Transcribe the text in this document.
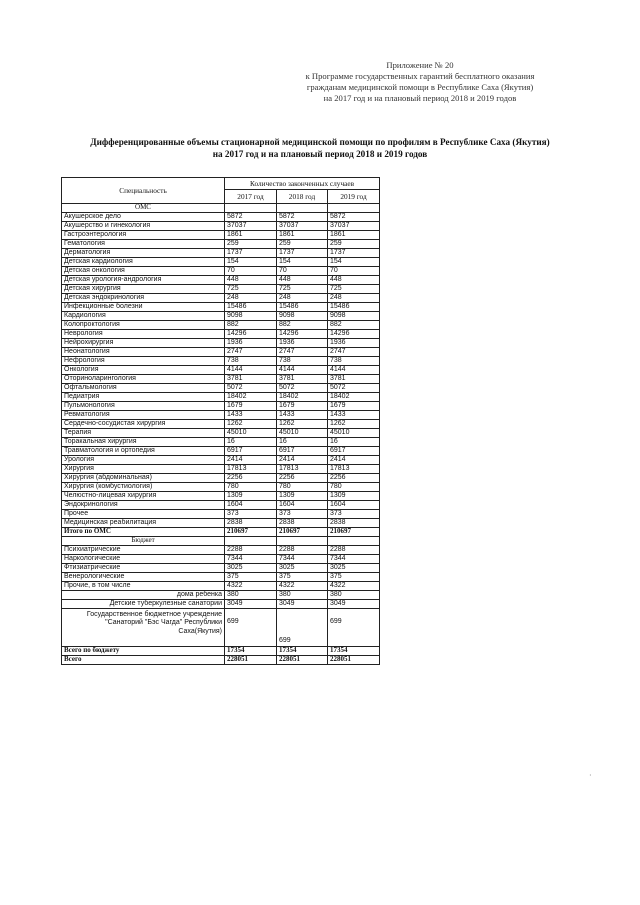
Приложение № 20
к Программе государственных гарантий бесплатного оказания
гражданам медицинской помощи в Республике Саха (Якутия)
на 2017 год и на плановый период 2018 и 2019 годов
Дифференцированные объемы стационарной медицинской помощи по профилям в Республике Саха (Якутия)
на 2017 год и на плановый период 2018 и 2019 годов
Специальность	Количество законченных случаев		
	2017 год	2018 год	2019 год
ОМС			
Акушерское дело	5872	5872	5872
Акушерство и гинекология	37037	37037	37037
Гастроэнтерология	1861	1861	1861
Гематология	259	259	259
Дерматология	1737	1737	1737
Детская кардиология	154	154	154
Детская онкология	70	70	70
Детская урология-андрология	448	448	448
Детская хирургия	725	725	725
Детская эндокринология	248	248	248
Инфекционные болезни	15486	15486	15486
Кардиология	9098	9098	9098
Колопроктология	882	882	882
Неврология	14296	14296	14296
Нейрохирургия	1936	1936	1936
Неонатология	2747	2747	2747
Нефрология	738	738	738
Онкология	4144	4144	4144
Оториноларингология	3781	3781	3781
Офтальмология	5072	5072	5072
Педиатрия	18402	18402	18402
Пульмонология	1679	1679	1679
Ревматология	1433	1433	1433
Сердечно-сосудистая хирургия	1262	1262	1262
Терапия	45010	45010	45010
Торакальная хирургия	16	16	16
Травматология и ортопедия	6917	6917	6917
Урология	2414	2414	2414
Хирургия	17813	17813	17813
Хирургия (абдоминальная)	2256	2256	2256
Хирургия (комбустиология)	780	780	780
Челюстно-лицевая хирургия	1309	1309	1309
Эндокринология	1604	1604	1604
Прочее	373	373	373
Медицинская реабилитация	2838	2838	2838
Итого по ОМС	210697	210697	210697
Бюджет			
Психиатрические	2288	2288	2288
Наркологические	7344	7344	7344
Фтизиатрические	3025	3025	3025
Венерологические	375	375	375
Прочие, в том числе	4322	4322	4322
дома ребенка	380	380	380
Детские туберкулезные санатории	3049	3049	3049
Государственное бюджетное учреждение "Санаторий "Бэс Чагда" Республики Саха(Якутия)	699	699	699
Всего по бюджету	17354	17354	17354
Всего	228051	228051	228051
·
